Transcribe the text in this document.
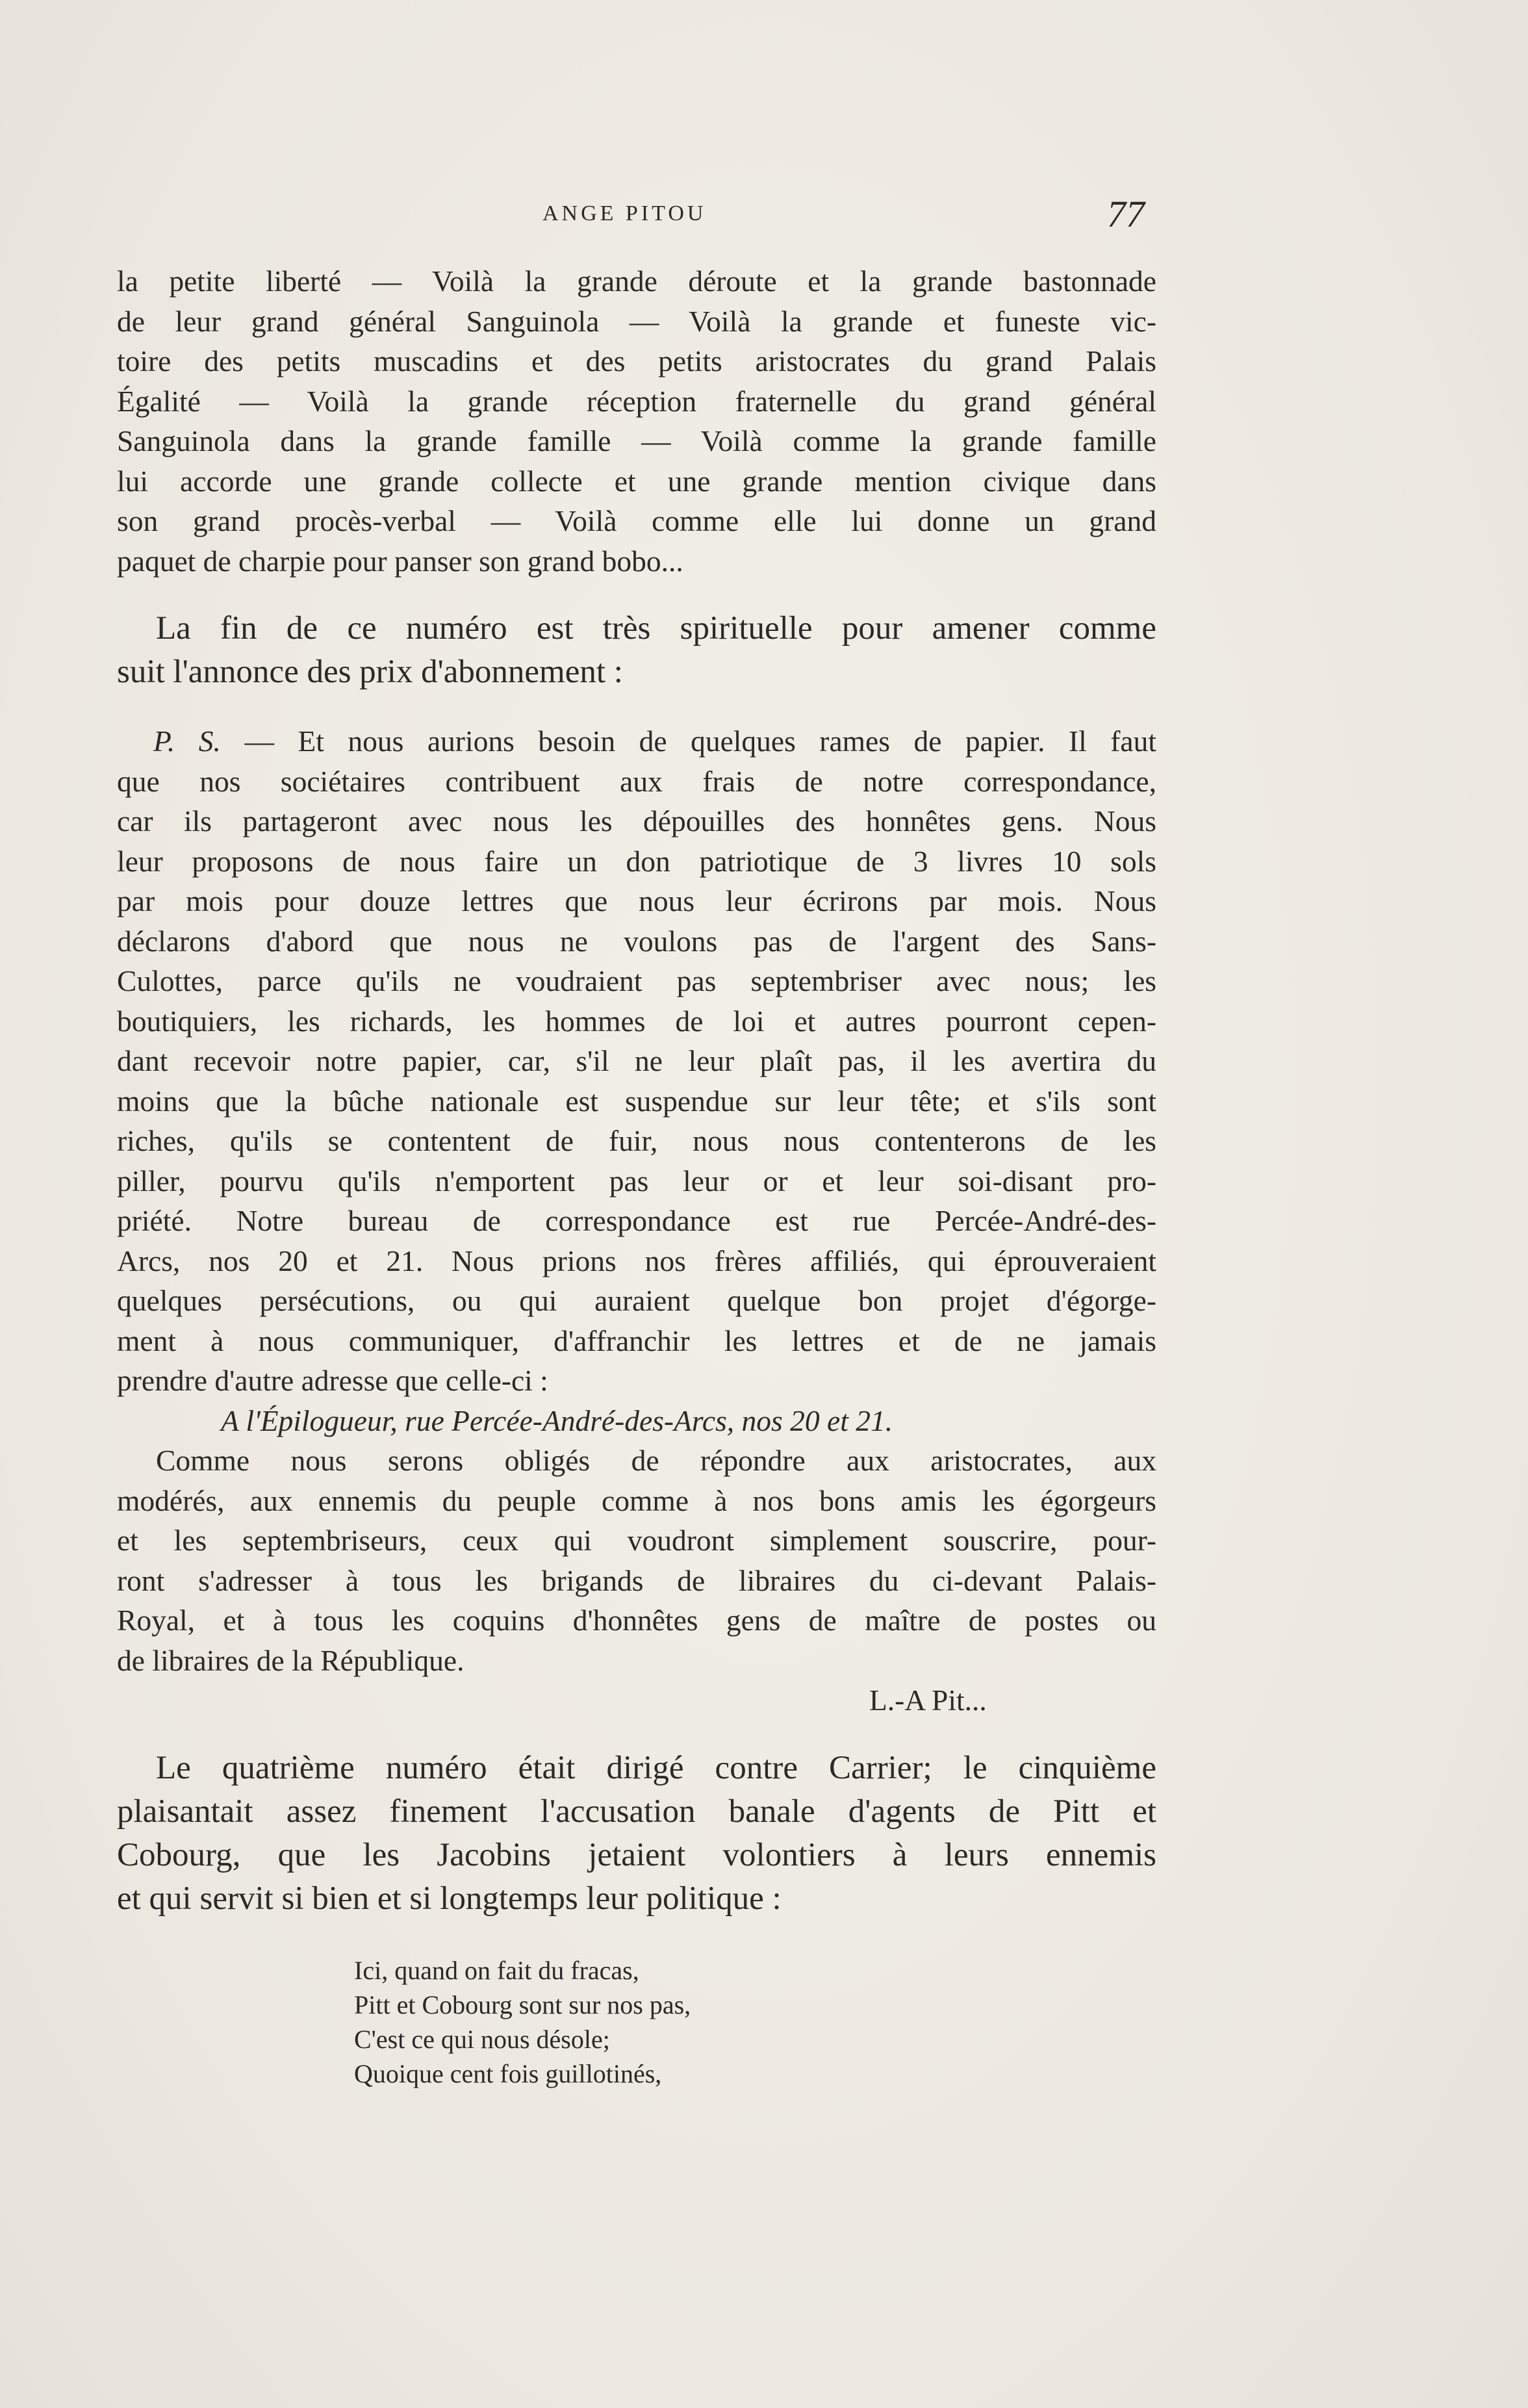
ANGE PITOU	77
la petite liberté — Voilà la grande déroute et la grande bastonnade
de leur grand général Sanguinola — Voilà la grande et funeste vic-
toire des petits muscadins et des petits aristocrates du grand Palais
Égalité — Voilà la grande réception fraternelle du grand général
Sanguinola dans la grande famille — Voilà comme la grande famille
lui accorde une grande collecte et une grande mention civique dans
son grand procès-verbal — Voilà comme elle lui donne un grand
paquet de charpie pour panser son grand bobo...
La fin de ce numéro est très spirituelle pour amener comme
suit l'annonce des prix d'abonnement :
P. S. — Et nous aurions besoin de quelques rames de papier. Il faut
que nos sociétaires contribuent aux frais de notre correspondance,
car ils partageront avec nous les dépouilles des honnêtes gens. Nous
leur proposons de nous faire un don patriotique de 3 livres 10 sols
par mois pour douze lettres que nous leur écrirons par mois. Nous
déclarons d'abord que nous ne voulons pas de l'argent des Sans-
Culottes, parce qu'ils ne voudraient pas septembriser avec nous; les
boutiquiers, les richards, les hommes de loi et autres pourront cepen-
dant recevoir notre papier, car, s'il ne leur plaît pas, il les avertira du
moins que la bûche nationale est suspendue sur leur tête; et s'ils sont
riches, qu'ils se contentent de fuir, nous nous contenterons de les
piller, pourvu qu'ils n'emportent pas leur or et leur soi-disant pro-
priété. Notre bureau de correspondance est rue Percée-André-des-
Arcs, nos 20 et 21. Nous prions nos frères affiliés, qui éprouveraient
quelques persécutions, ou qui auraient quelque bon projet d'égorge-
ment à nous communiquer, d'affranchir les lettres et de ne jamais
prendre d'autre adresse que celle-ci :
A l'Épilogueur, rue Percée-André-des-Arcs, nos 20 et 21.
Comme nous serons obligés de répondre aux aristocrates, aux
modérés, aux ennemis du peuple comme à nos bons amis les égorgeurs
et les septembriseurs, ceux qui voudront simplement souscrire, pour-
ront s'adresser à tous les brigands de libraires du ci-devant Palais-
Royal, et à tous les coquins d'honnêtes gens de maître de postes ou
de libraires de la République.
L.-A Pit...
Le quatrième numéro était dirigé contre Carrier; le cinquième
plaisantait assez finement l'accusation banale d'agents de Pitt et
Cobourg, que les Jacobins jetaient volontiers à leurs ennemis
et qui servit si bien et si longtemps leur politique :
Ici, quand on fait du fracas,
Pitt et Cobourg sont sur nos pas,
C'est ce qui nous désole;
Quoique cent fois guillotinés,
